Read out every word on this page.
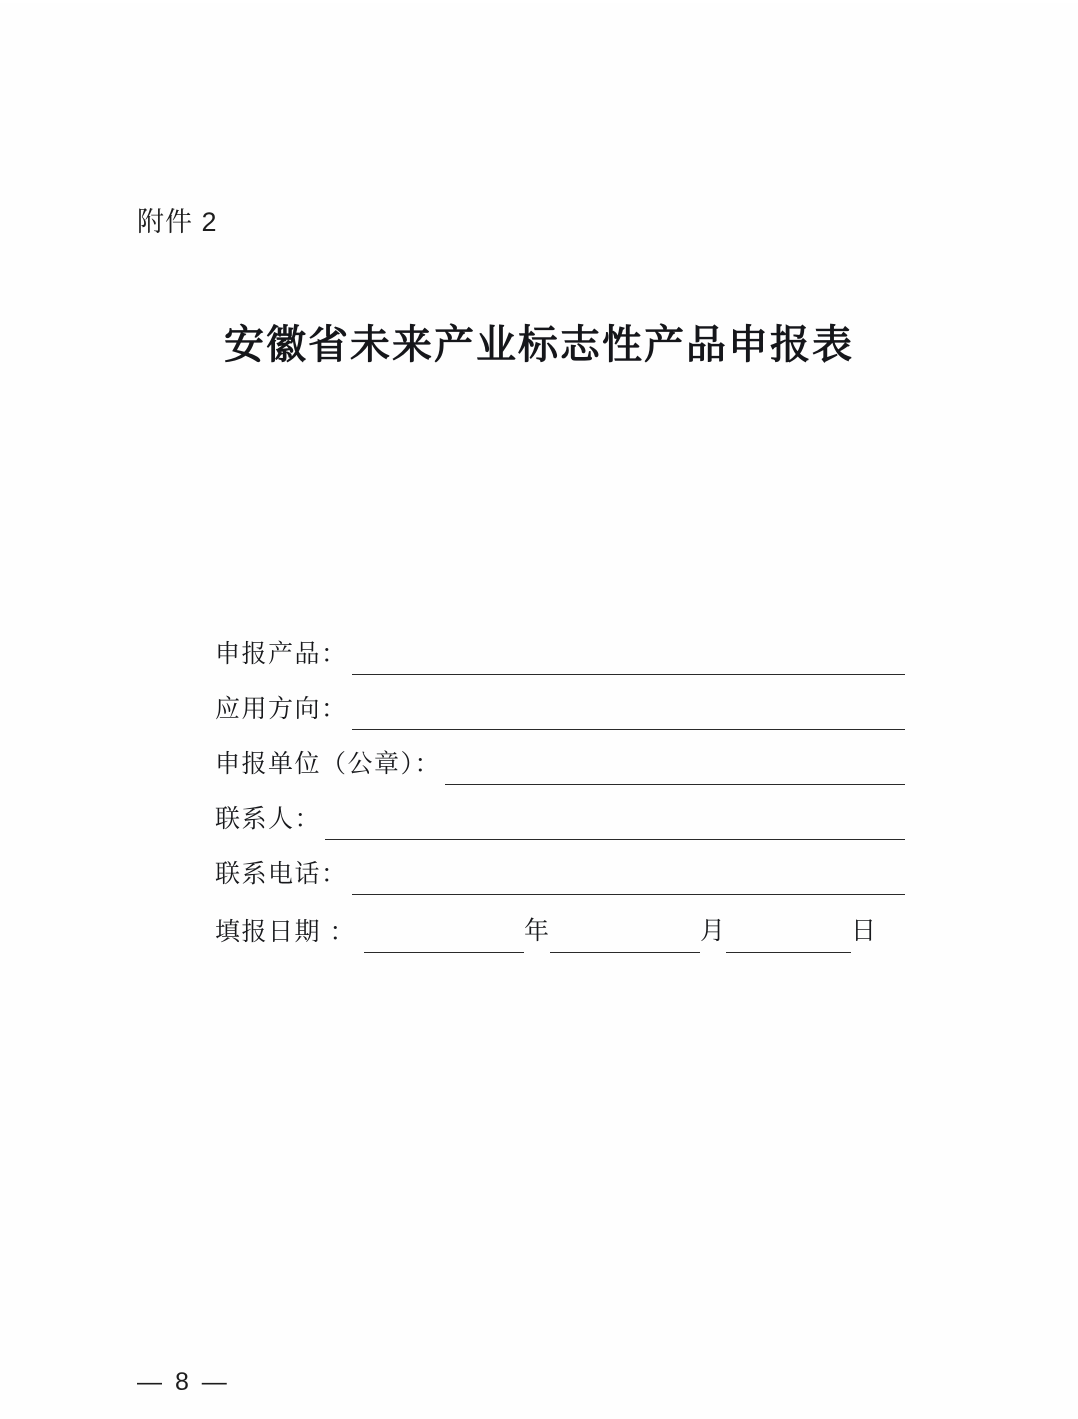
附件 2
安徽省未来产业标志性产品申报表
申报产品：
应用方向：
申报单位（公章）：
联系人：
联系电话：
填报日期 ：	年	月	日
— 8 —
